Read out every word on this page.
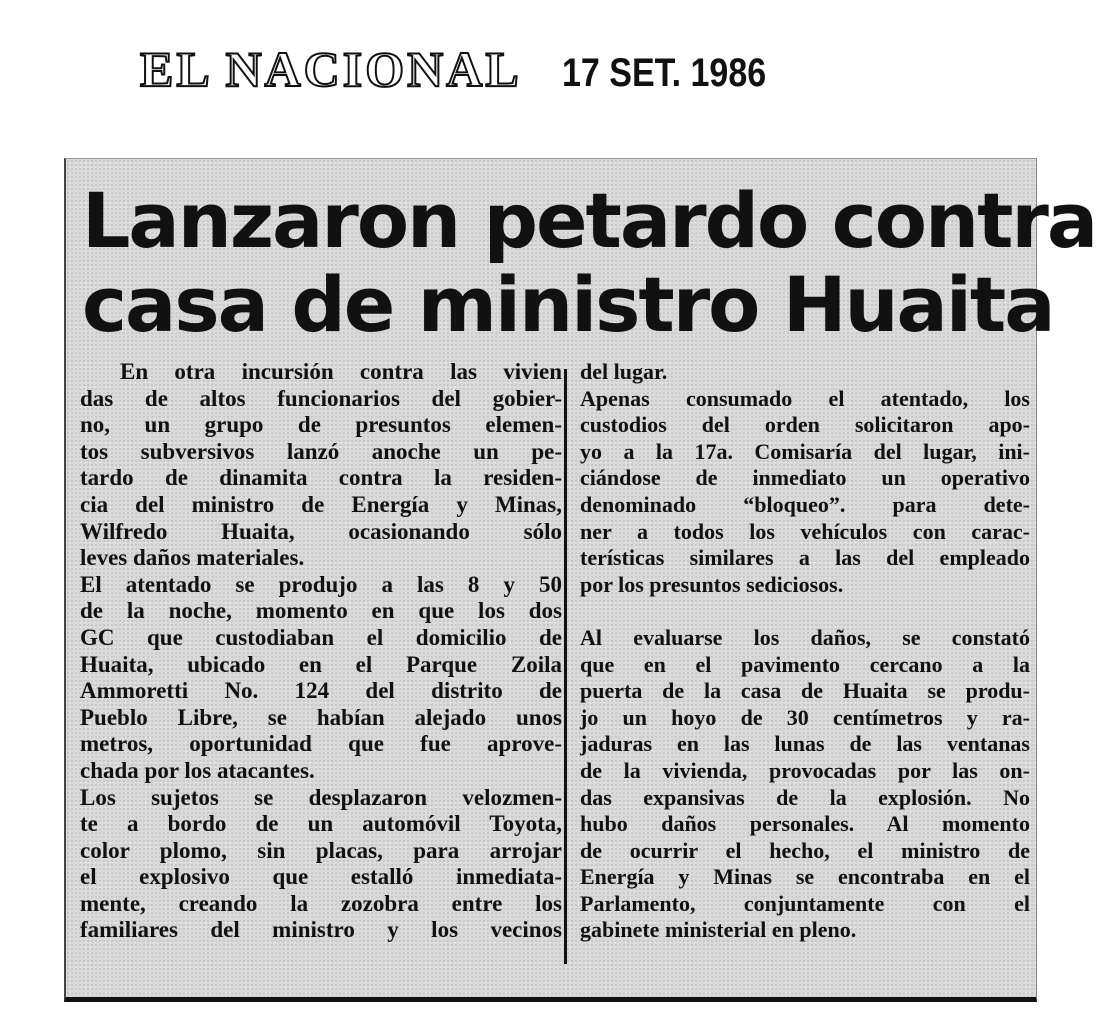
EL NACIONAL 17 SET. 1986
Lanzaron petardo contra
casa de ministro Huaita
En otra incursión contra las vivien
das de altos funcionarios del gobier-
no, un grupo de presuntos elemen-
tos subversivos lanzó anoche un pe-
tardo de dinamita contra la residen-
cia del ministro de Energía y Minas,
Wilfredo Huaita, ocasionando sólo
leves daños materiales.
El atentado se produjo a las 8 y 50
de la noche, momento en que los dos
GC que custodiaban el domicilio de
Huaita, ubicado en el Parque Zoila
Ammoretti No. 124 del distrito de
Pueblo Libre, se habían alejado unos
metros, oportunidad que fue aprove-
chada por los atacantes.
Los sujetos se desplazaron velozmen-
te a bordo de un automóvil Toyota,
color plomo, sin placas, para arrojar
el explosivo que estalló inmediata-
mente, creando la zozobra entre los
familiares del ministro y los vecinos
del lugar.
Apenas consumado el atentado, los
custodios del orden solicitaron apo-
yo a la 17a. Comisaría del lugar, ini-
ciándose de inmediato un operativo
denominado “bloqueo”. para dete-
ner a todos los vehículos con carac-
terísticas similares a las del empleado
por los presuntos sediciosos.
Al evaluarse los daños, se constató
que en el pavimento cercano a la
puerta de la casa de Huaita se produ-
jo un hoyo de 30 centímetros y ra-
jaduras en las lunas de las ventanas
de la vivienda, provocadas por las on-
das expansivas de la explosión. No
hubo daños personales. Al momento
de ocurrir el hecho, el ministro de
Energía y Minas se encontraba en el
Parlamento, conjuntamente con el
gabinete ministerial en pleno.
